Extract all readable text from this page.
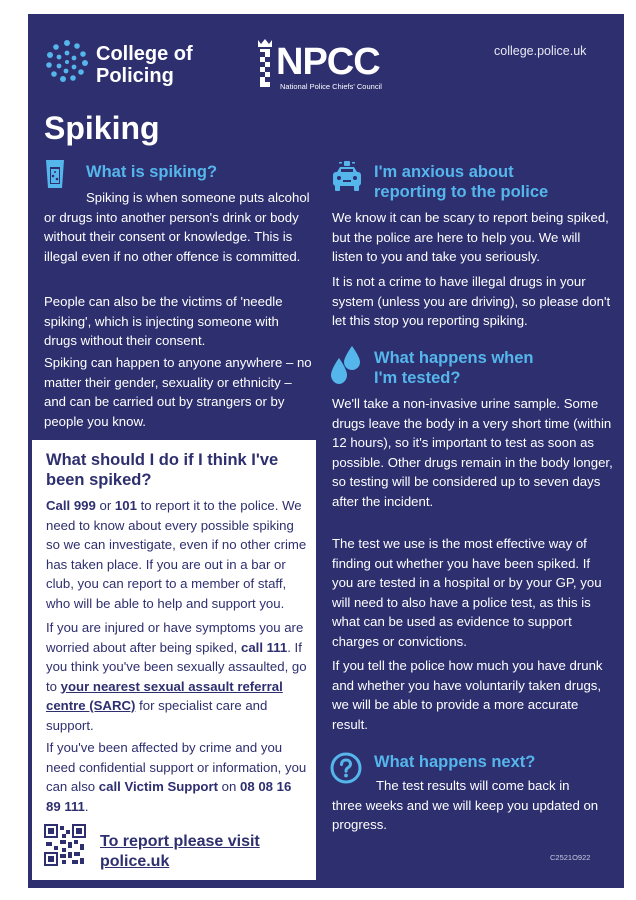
College of
Policing	NPCC
National Police Chiefs' Council
college.police.uk
Spiking
What is spiking?
Spiking is when someone puts alcohol or drugs into another person's drink or body without their consent or knowledge. This is illegal even if no other offence is committed.
People can also be the victims of 'needle spiking', which is injecting someone with drugs without their consent.
Spiking can happen to anyone anywhere – no matter their gender, sexuality or ethnicity – and can be carried out by strangers or by people you know.
What should I do if I think I've been spiked?
Call 999 or 101 to report it to the police. We need to know about every possible spiking so we can investigate, even if no other crime has taken place. If you are out in a bar or club, you can report to a member of staff, who will be able to help and support you.
If you are injured or have symptoms you are worried about after being spiked, call 111. If you think you've been sexually assaulted, go to your nearest sexual assault referral centre (SARC) for specialist care and support.
If you've been affected by crime and you need confidential support or information, you can also call Victim Support on 08 08 16 89 111.
To report please visit
police.uk
I'm anxious about
reporting to the police
We know it can be scary to report being spiked, but the police are here to help you. We will listen to you and take you seriously.
It is not a crime to have illegal drugs in your system (unless you are driving), so please don't let this stop you reporting spiking.
What happens when
I'm tested?
We'll take a non-invasive urine sample. Some drugs leave the body in a very short time (within 12 hours), so it's important to test as soon as possible. Other drugs remain in the body longer, so testing will be considered up to seven days after the incident.
The test we use is the most effective way of finding out whether you have been spiked. If you are tested in a hospital or by your GP, you will need to also have a police test, as this is what can be used as evidence to support charges or convictions.
If you tell the police how much you have drunk and whether you have voluntarily taken drugs, we will be able to provide a more accurate result.
What happens next?
The test results will come back in three weeks and we will keep you updated on progress.
C2521O922
